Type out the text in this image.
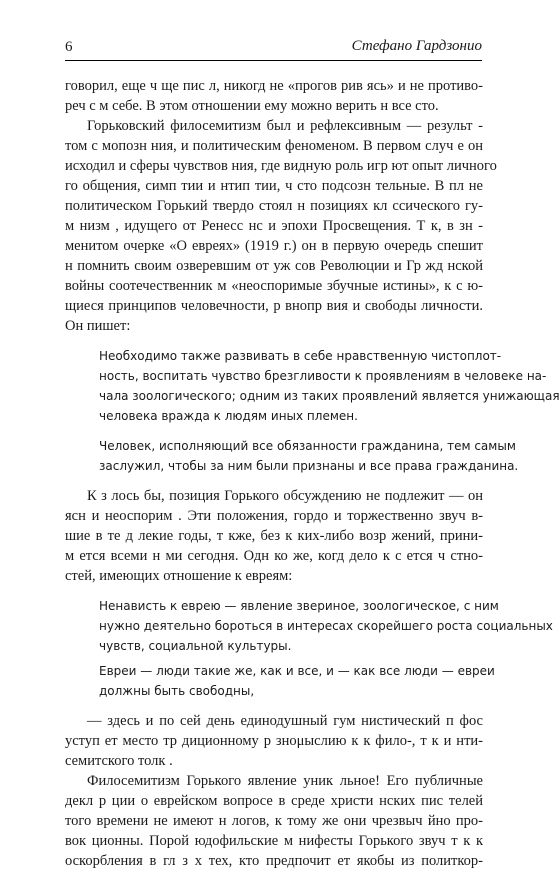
6	Стефано Гардзонио
говорил, еще ч ще пис л, никогд не «прогов рив ясь» и не противо-
реч с м себе. В этом отношении ему можно верить н все сто.
Горьковский филосемитизм был и рефлексивным — результ -
том с мопозн ния, и политическим феноменом. В первом случ е он
исходил и сферы чувствов ния, где видную роль игр ют опыт личного
го общения, симп тии и нтип тии, ч сто подсозн тельные. В пл не
политическом Горький твердо стоял н позициях кл ссического гу-
м низм , идущего от Ренесс нс и эпохи Просвещения. Т к, в зн -
менитом очерке «О евреях» (1919 г.) он в первую очередь спешит
н помнить своим озверевшим от уж сов Революции и Гр жд нской
войны соотечественник м «неоспоримые збучные истины», к с ю-
щиеся принципов человечности, р внопр вия и свободы личности.
Он пишет:
Необходимо также развивать в себе нравственную чистоплот-
ность, воспитать чувство брезгливости к проявлениям в человеке на-
чала зоологического; одним из таких проявлений является унижающая
человека вражда к людям иных племен.
Человек, исполняющий все обязанности гражданина, тем самым
заслужил, чтобы за ним были признаны и все права гражданина.
К з лось бы, позиция Горького обсуждению не подлежит — он
ясн и неоспорим . Эти положения, гордо и торжественно звуч в-
шие в те д лекие годы, т кже, без к ких-либо возр жений, прини-
м ется всеми н ми сегодня. Одн ко же, когд дело к с ется ч стно-
стей, имеющих отношение к евреям:
Ненависть к еврею — явление звериное, зоологическое, с ним
нужно деятельно бороться в интересах скорейшего роста социальных
чувств, социальной культуры.
Евреи — люди такие же, как и все, и — как все люди — евреи
должны быть свободны,
— здесь и по сей день единодушный гум нистический п фос
уступ ет место тр диционному р знομыслию к к фило-, т к и нти-
семитского толк .
Филосемитизм Горького явление уник льное! Его публичные
декл р ции о еврейском вопросе в среде христи нских пис телей
того времени не имеют н логов, к тому же они чрезвыч йно про-
вок ционны. Порой юдофильские м нифесты Горького звуч т к к
оскорбления в гл з х тех, кто предпочит ет якобы из политкор-
